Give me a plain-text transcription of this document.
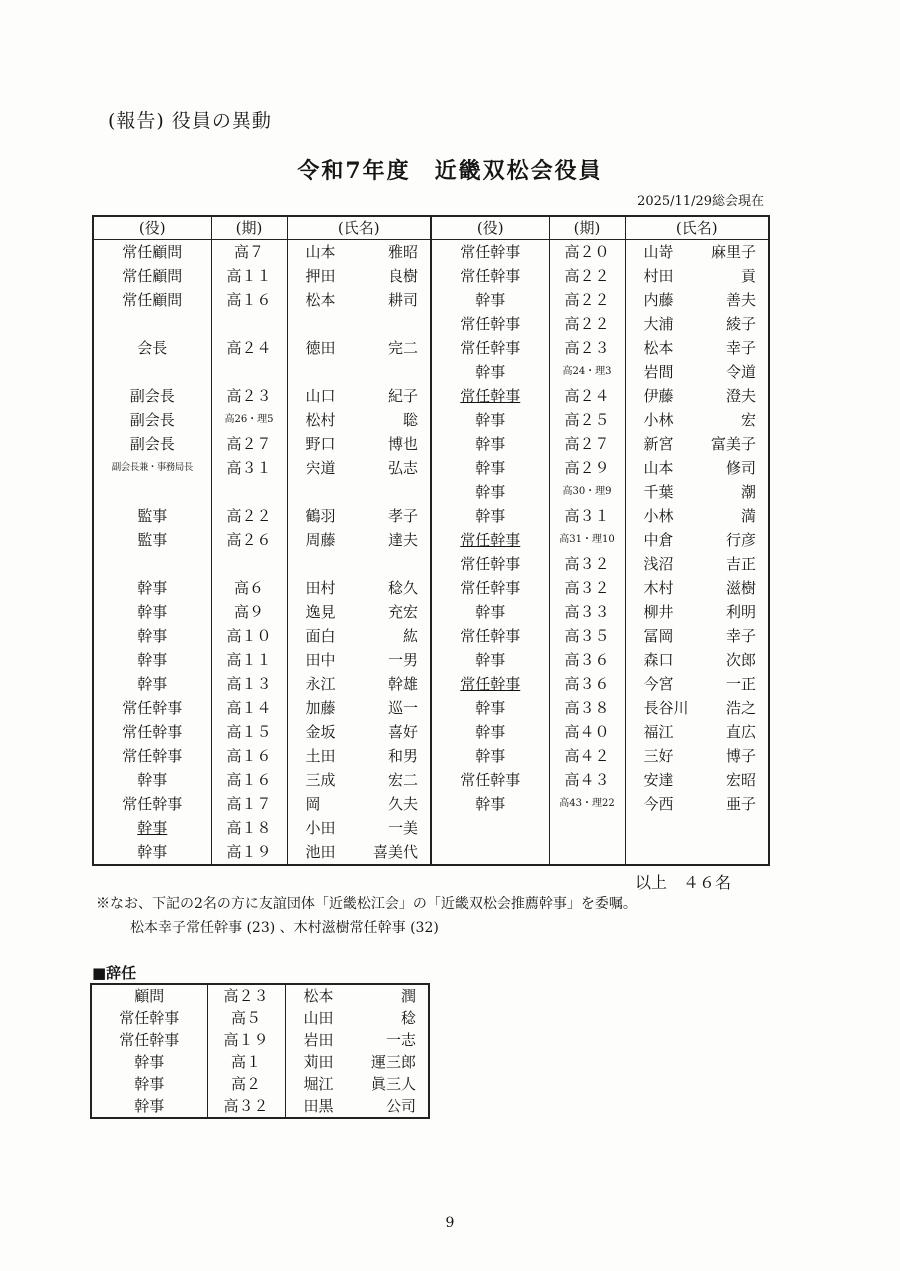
(報告) 役員の異動
令和7年度　近畿双松会役員
2025/11/29総会現在
(役)	(期)	(氏名)
常任顧問	高７	山本 雅昭

常任顧問	高１１	押田 良樹

常任顧問	高１６	松本 耕司

会長	高２４	徳田 完二

副会長	高２３	山口 紀子

副会長	高26・理5	松村 聡

副会長	高２７	野口 博也

副会長兼・事務局長	高３１	宍道 弘志

監事	高２２	鶴羽 孝子

監事	高２６	周藤 達夫

幹事	高６	田村 稔久

幹事	高９	逸見 充宏

幹事	高１０	面白 紘

幹事	高１１	田中 一男

幹事	高１３	永江 幹雄

常任幹事	高１４	加藤 巡一

常任幹事	高１５	金坂 喜好

常任幹事	高１６	土田 和男

幹事	高１６	三成 宏二

常任幹事	高１７	岡 久夫

幹事	高１８	小田 一美

幹事	高１９	池田 喜美代
(役)	(期)	(氏名)
常任幹事	高２０	山嵜 麻里子

常任幹事	高２２	村田 貢

幹事	高２２	内藤 善夫

常任幹事	高２２	大浦 綾子

常任幹事	高２３	松本 幸子

幹事	高24・理3	岩間 令道

常任幹事	高２４	伊藤 澄夫

幹事	高２５	小林 宏

幹事	高２７	新宮 富美子

幹事	高２９	山本 修司

幹事	高30・理9	千葉 潮

幹事	高３１	小林 満

常任幹事	高31・理10	中倉 行彦

常任幹事	高３２	浅沼 吉正

常任幹事	高３２	木村 滋樹

幹事	高３３	柳井 利明

常任幹事	高３５	冨岡 幸子

幹事	高３６	森口 次郎

常任幹事	高３６	今宮 一正

幹事	高３８	長谷川 浩之

幹事	高４０	福江 直広

幹事	高４２	三好 博子

常任幹事	高４３	安達 宏昭

幹事	高43・理22	今西 亜子

以上　４６名
※なお、下記の2名の方に友誼団体「近畿松江会」の「近畿双松会推薦幹事」を委嘱。
松本幸子常任幹事 (23) 、木村滋樹常任幹事 (32)
■辞任
顧問	高２３	松本 潤

常任幹事	高５	山田 稔

常任幹事	高１９	岩田 一志

幹事	高１	苅田 運三郎

幹事	高２	堀江 眞三人

幹事	高３２	田黒 公司
9
